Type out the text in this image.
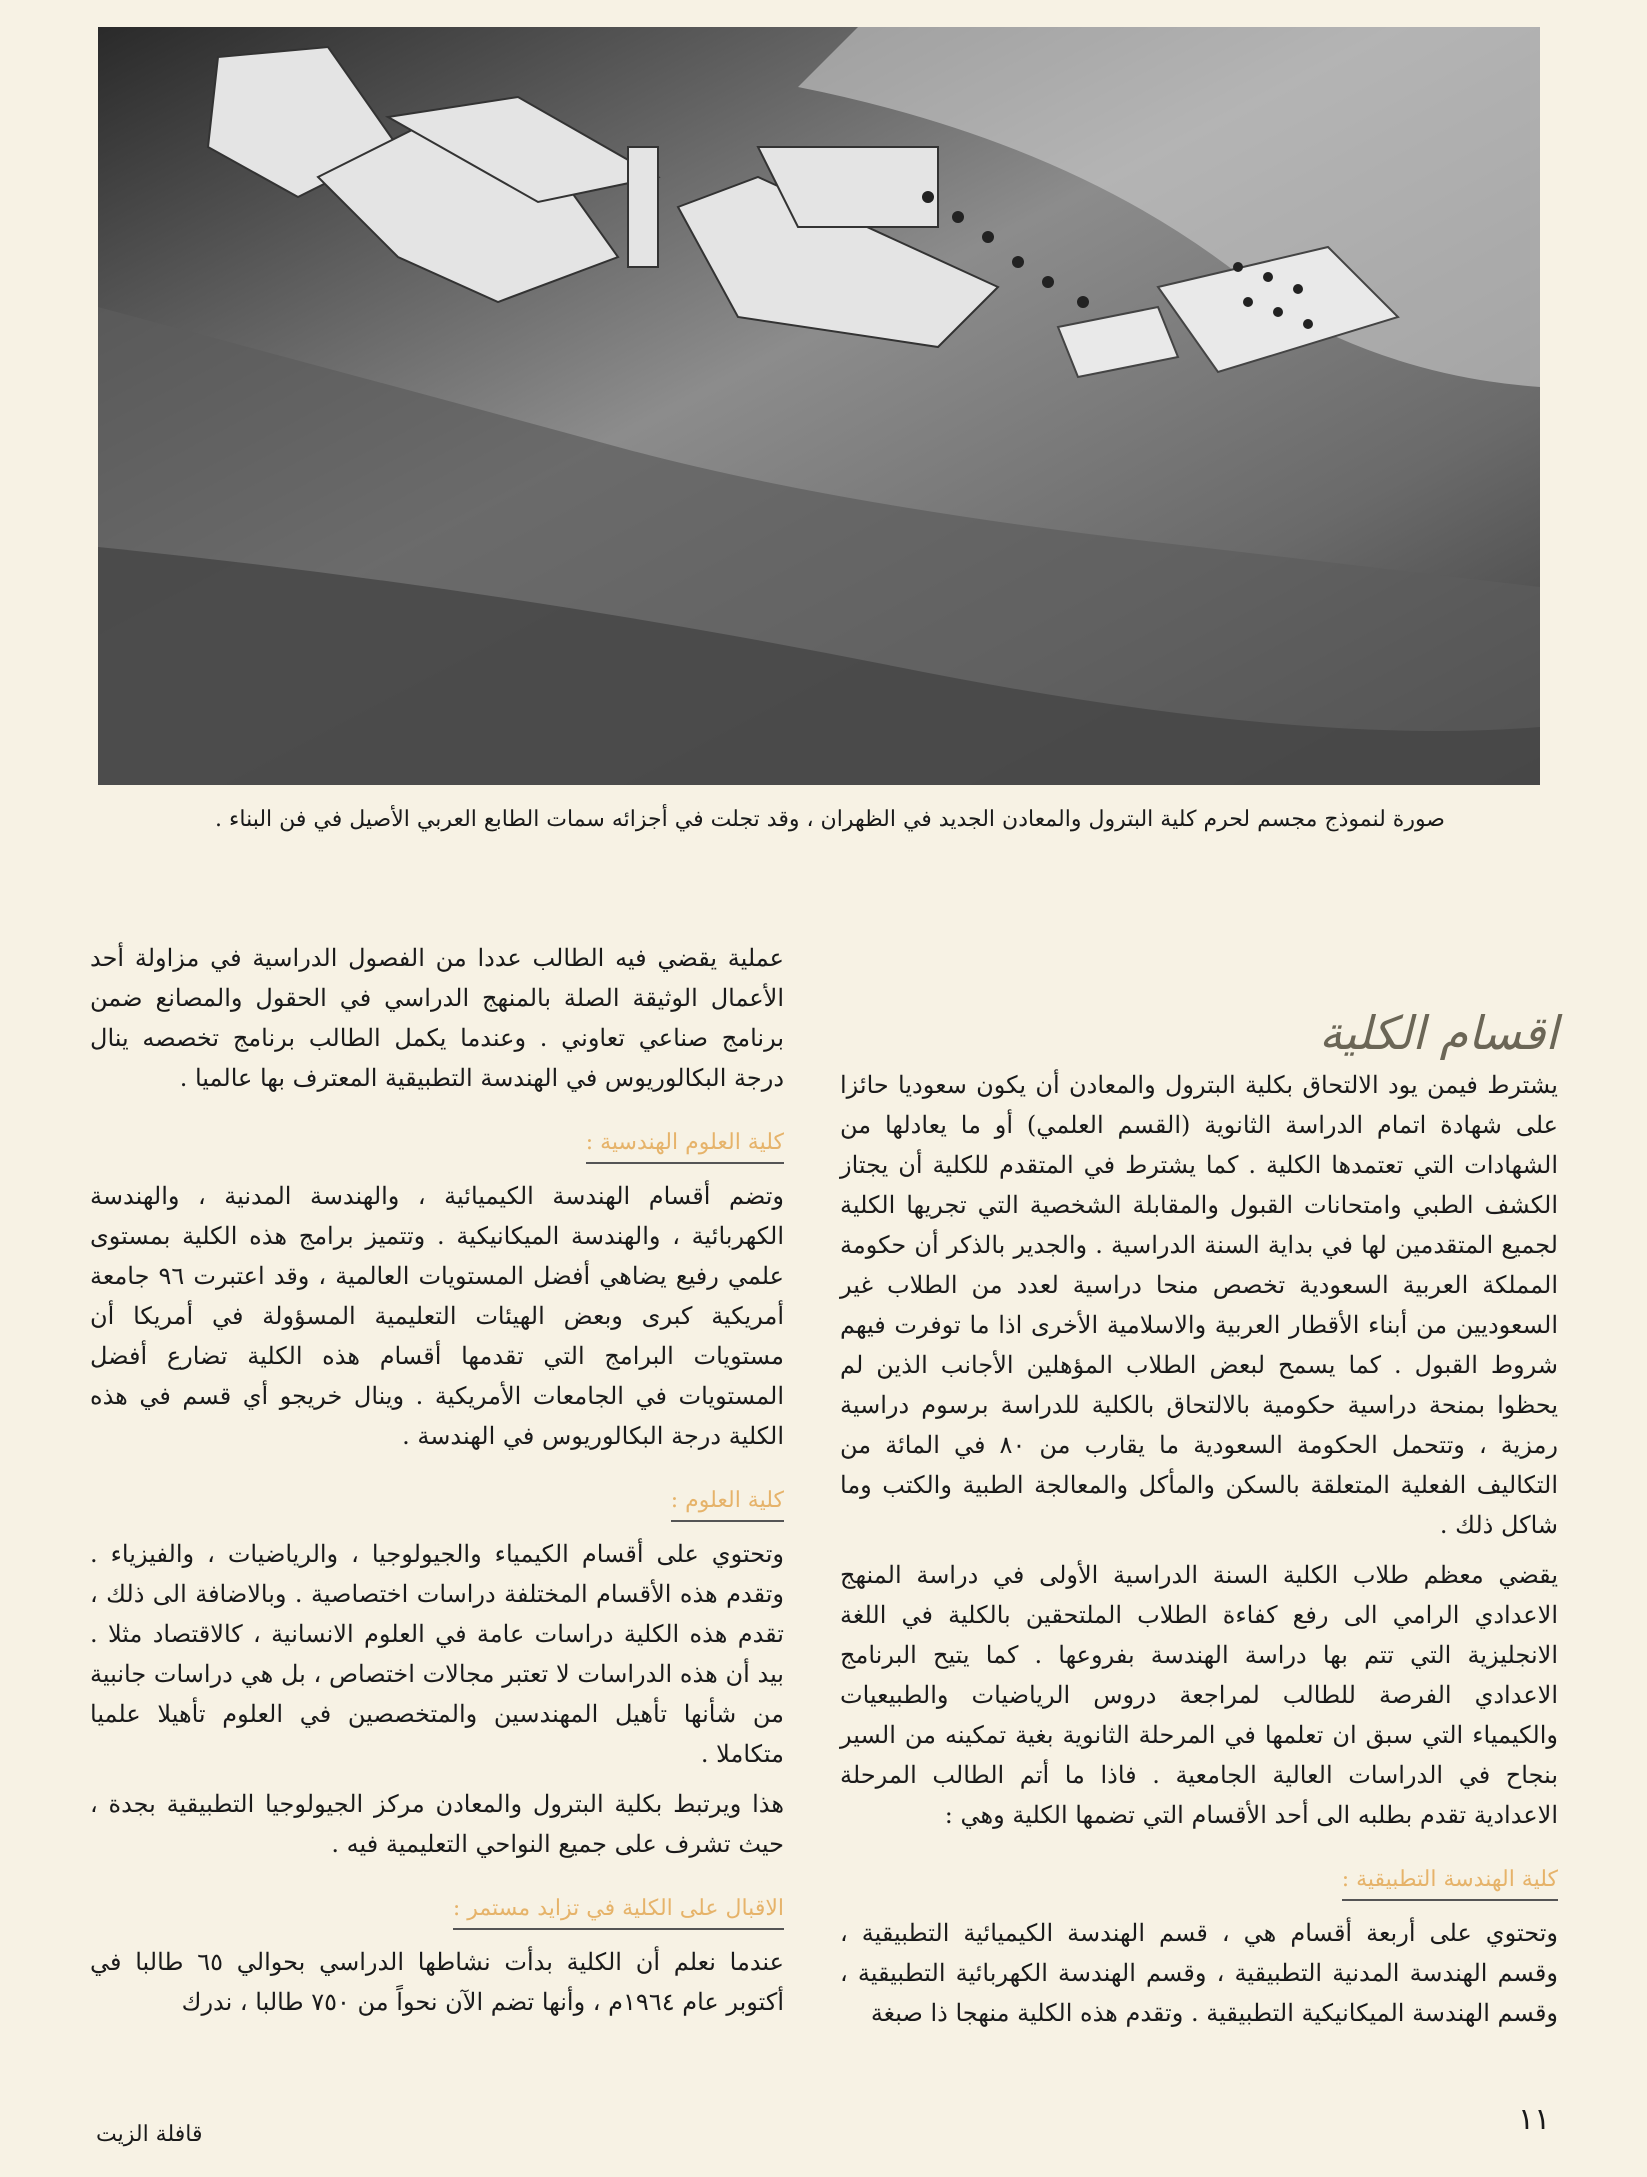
صورة لنموذج مجسم لحرم كلية البترول والمعادن الجديد في الظهران ، وقد تجلت في أجزائه سمات الطابع العربي الأصيل في فن البناء .
اقسام الكلية

يشترط فيمن يود الالتحاق بكلية البترول والمعادن أن يكون سعوديا حائزا على شهادة اتمام الدراسة الثانوية (القسم العلمي) أو ما يعادلها من الشهادات التي تعتمدها الكلية . كما يشترط في المتقدم للكلية أن يجتاز الكشف الطبي وامتحانات القبول والمقابلة الشخصية التي تجريها الكلية لجميع المتقدمين لها في بداية السنة الدراسية . والجدير بالذكر أن حكومة المملكة العربية السعودية تخصص منحا دراسية لعدد من الطلاب غير السعوديين من أبناء الأقطار العربية والاسلامية الأخرى اذا ما توفرت فيهم شروط القبول . كما يسمح لبعض الطلاب المؤهلين الأجانب الذين لم يحظوا بمنحة دراسية حكومية بالالتحاق بالكلية للدراسة برسوم دراسية رمزية ، وتتحمل الحكومة السعودية ما يقارب من ٨٠ في المائة من التكاليف الفعلية المتعلقة بالسكن والمأكل والمعالجة الطبية والكتب وما شاكل ذلك .

يقضي معظم طلاب الكلية السنة الدراسية الأولى في دراسة المنهج الاعدادي الرامي الى رفع كفاءة الطلاب الملتحقين بالكلية في اللغة الانجليزية التي تتم بها دراسة الهندسة بفروعها . كما يتيح البرنامج الاعدادي الفرصة للطالب لمراجعة دروس الرياضيات والطبيعيات والكيمياء التي سبق ان تعلمها في المرحلة الثانوية بغية تمكينه من السير بنجاح في الدراسات العالية الجامعية . فاذا ما أتم الطالب المرحلة الاعدادية تقدم بطلبه الى أحد الأقسام التي تضمها الكلية وهي :

كلية الهندسة التطبيقية :

وتحتوي على أربعة أقسام هي ، قسم الهندسة الكيميائية التطبيقية ، وقسم الهندسة المدنية التطبيقية ، وقسم الهندسة الكهربائية التطبيقية ، وقسم الهندسة الميكانيكية التطبيقية . وتقدم هذه الكلية منهجا ذا صبغة

عملية يقضي فيه الطالب عددا من الفصول الدراسية في مزاولة أحد الأعمال الوثيقة الصلة بالمنهج الدراسي في الحقول والمصانع ضمن برنامج صناعي تعاوني . وعندما يكمل الطالب برنامج تخصصه ينال درجة البكالوريوس في الهندسة التطبيقية المعترف بها عالميا .

كلية العلوم الهندسية :

وتضم أقسام الهندسة الكيميائية ، والهندسة المدنية ، والهندسة الكهربائية ، والهندسة الميكانيكية . وتتميز برامج هذه الكلية بمستوى علمي رفيع يضاهي أفضل المستويات العالمية ، وقد اعتبرت ٩٦ جامعة أمريكية كبرى وبعض الهيئات التعليمية المسؤولة في أمريكا أن مستويات البرامج التي تقدمها أقسام هذه الكلية تضارع أفضل المستويات في الجامعات الأمريكية . وينال خريجو أي قسم في هذه الكلية درجة البكالوريوس في الهندسة .

كلية العلوم :

وتحتوي على أقسام الكيمياء والجيولوجيا ، والرياضيات ، والفيزياء . وتقدم هذه الأقسام المختلفة دراسات اختصاصية . وبالاضافة الى ذلك ، تقدم هذه الكلية دراسات عامة في العلوم الانسانية ، كالاقتصاد مثلا . بيد أن هذه الدراسات لا تعتبر مجالات اختصاص ، بل هي دراسات جانبية من شأنها تأهيل المهندسين والمتخصصين في العلوم تأهيلا علميا متكاملا .

هذا ويرتبط بكلية البترول والمعادن مركز الجيولوجيا التطبيقية بجدة ، حيث تشرف على جميع النواحي التعليمية فيه .

الاقبال على الكلية في تزايد مستمر :

عندما نعلم أن الكلية بدأت نشاطها الدراسي بحوالي ٦٥ طالبا في أكتوبر عام ١٩٦٤م ، وأنها تضم الآن نحواً من ٧٥٠ طالبا ، ندرك

١١
قافلة الزيت
